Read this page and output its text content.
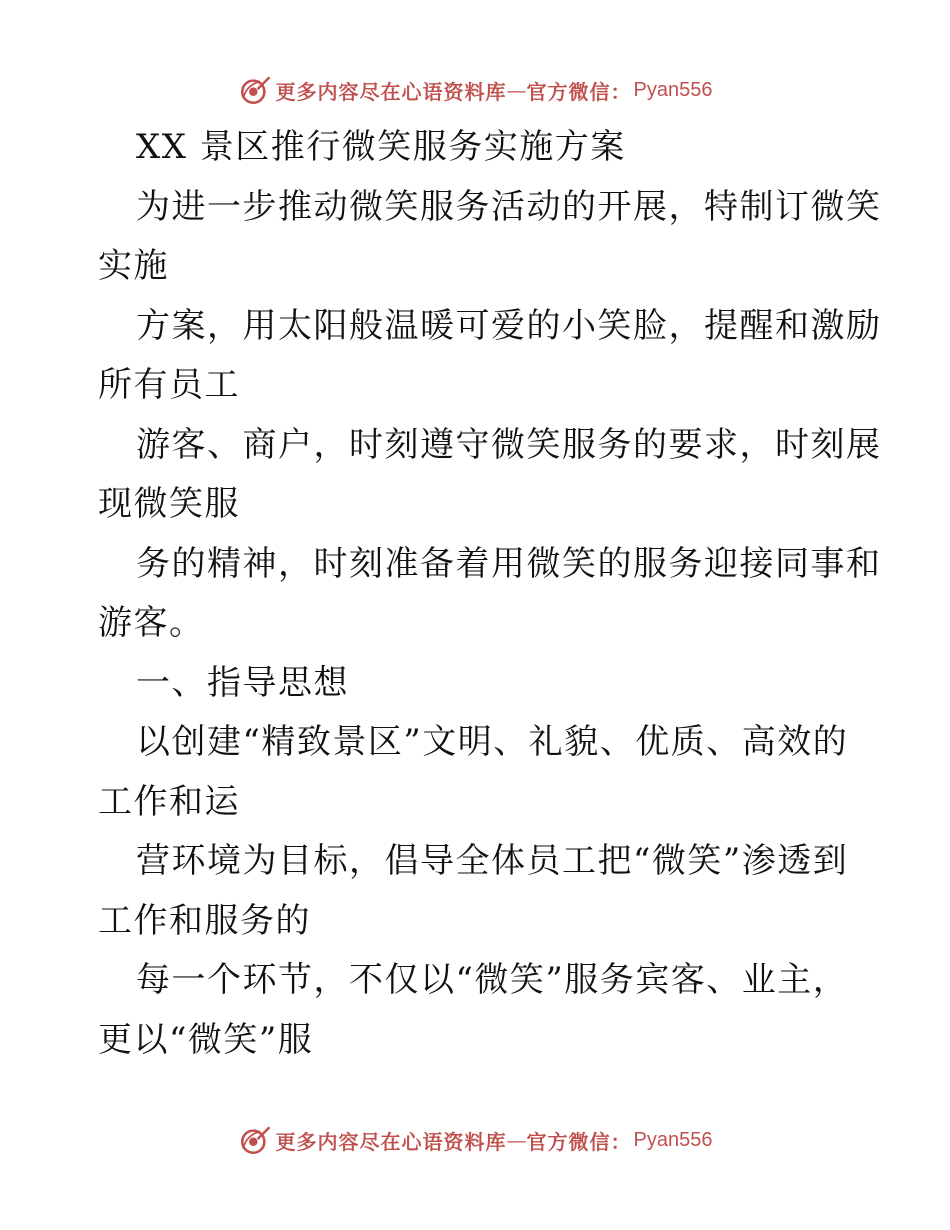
更多内容尽在心语资料库 — 官方微信： Pyan556
XX 景区推行微笑服务实施方案
为进一步推动微笑服务活动的开展，特制订微笑
实施
方案，用太阳般温暖可爱的小笑脸，提醒和激励
所有员工
游客、商户，时刻遵守微笑服务的要求，时刻展
现微笑服
务的精神，时刻准备着用微笑的服务迎接同事和
游客。
一、指导思想
以创建“精致景区”文明、礼貌、优质、高效的
工作和运
营环境为目标，倡导全体员工把“微笑”渗透到
工作和服务的
每一个环节，不仅以“微笑”服务宾客、业主，
更以“微笑”服
更多内容尽在心语资料库 — 官方微信： Pyan556
